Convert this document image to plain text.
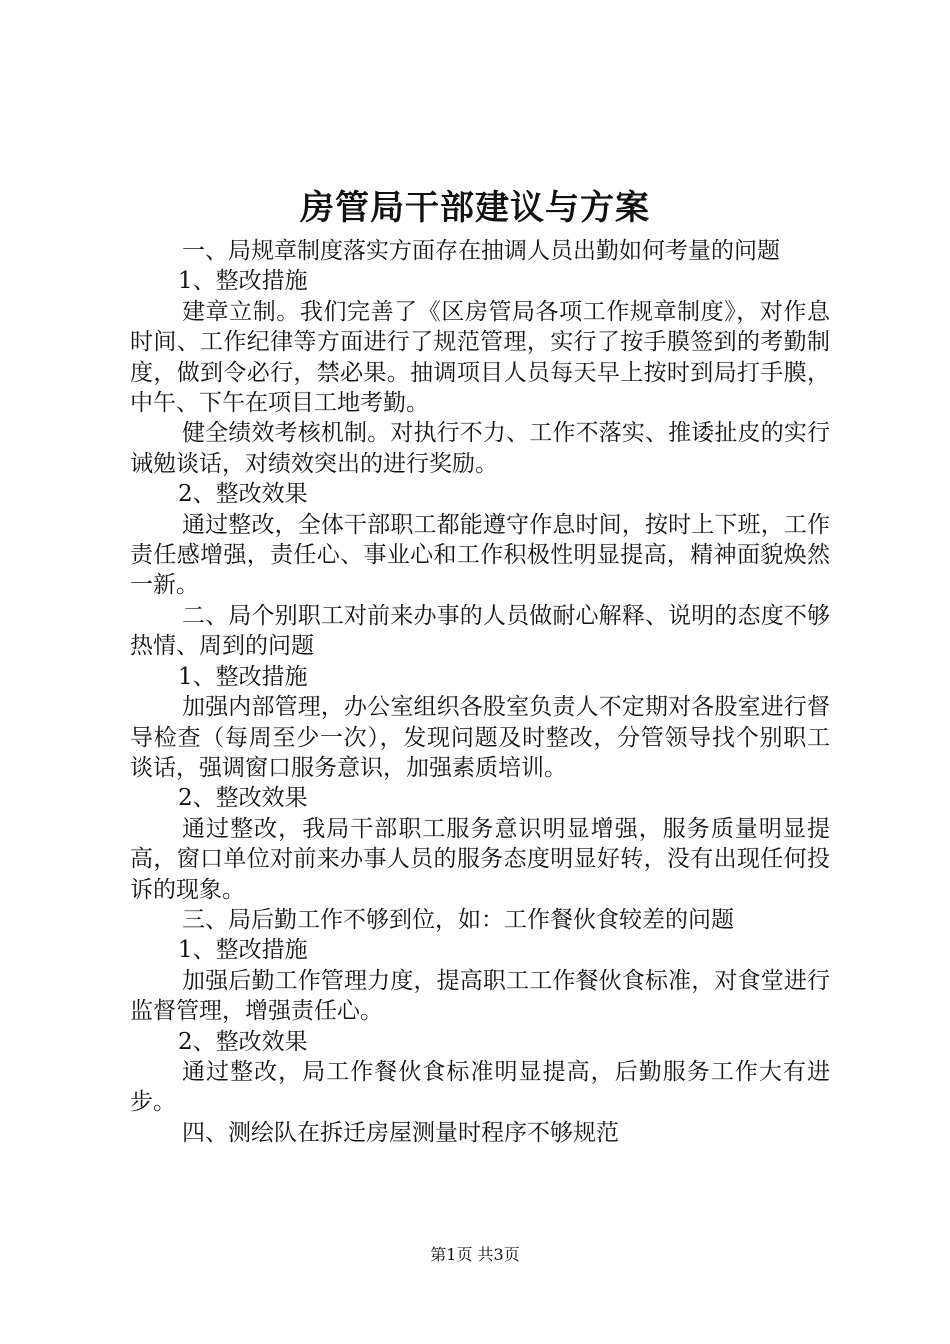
房管局干部建议与方案

一、局规章制度落实方面存在抽调人员出勤如何考量的问题

1、整改措施

建章立制。我们完善了《区房管局各项工作规章制度》，对作息时间、工作纪律等方面进行了规范管理，实行了按手膜签到的考勤制度，做到令必行，禁必果。抽调项目人员每天早上按时到局打手膜，中午、下午在项目工地考勤。

健全绩效考核机制。对执行不力、工作不落实、推诿扯皮的实行诫勉谈话，对绩效突出的进行奖励。

2、整改效果

通过整改，全体干部职工都能遵守作息时间，按时上下班，工作责任感增强，责任心、事业心和工作积极性明显提高，精神面貌焕然一新。

二、局个别职工对前来办事的人员做耐心解释、说明的态度不够热情、周到的问题

1、整改措施

加强内部管理，办公室组织各股室负责人不定期对各股室进行督导检查（每周至少一次），发现问题及时整改，分管领导找个别职工谈话，强调窗口服务意识，加强素质培训。

2、整改效果

通过整改，我局干部职工服务意识明显增强，服务质量明显提高，窗口单位对前来办事人员的服务态度明显好转，没有出现任何投诉的现象。

三、局后勤工作不够到位，如：工作餐伙食较差的问题

1、整改措施

加强后勤工作管理力度，提高职工工作餐伙食标准，对食堂进行监督管理，增强责任心。

2、整改效果

通过整改，局工作餐伙食标准明显提高，后勤服务工作大有进步。

四、测绘队在拆迁房屋测量时程序不够规范

第1页 共3页
